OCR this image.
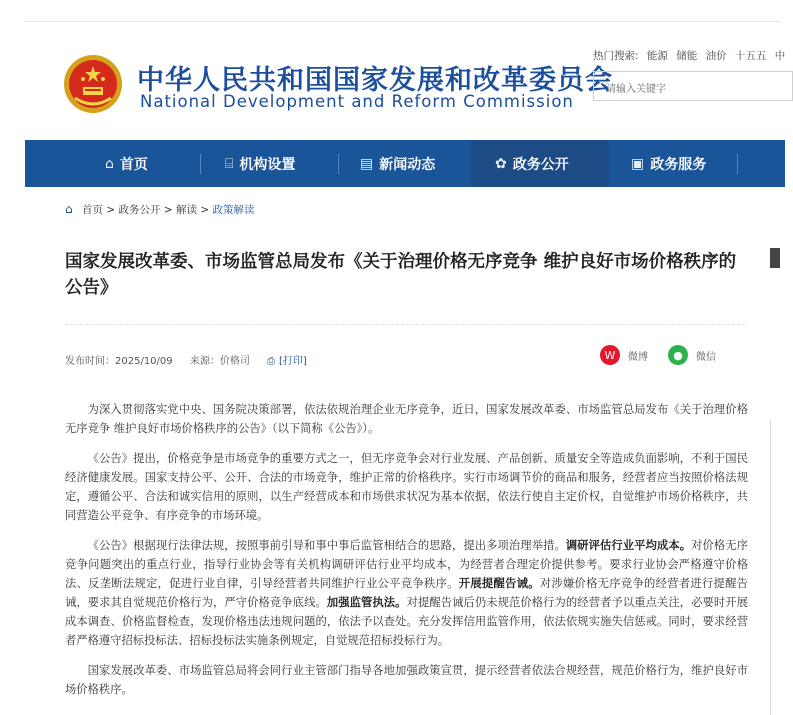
中华人民共和国国家发展和改革委员会
National Development and Reform Commission
热门搜索: 能源 储能 油价 十五五 中
请输入关键字
⌂ 首页	⌸ 机构设置	▤ 新闻动态	✿ 政务公开	▣ 政务服务
⌂ 首页 > 政务公开 > 解读 > 政策解读
国家发展改革委、市场监管总局发布《关于治理价格无序竞争 维护良好市场价格秩序的公告》
发布时间：2025/10/09 来源：价格司 ⎙ [打印]	W	微博	●	微信

为深入贯彻落实党中央、国务院决策部署，依法依规治理企业无序竞争，近日，国家发展改革委、市场监管总局发布《关于治理价格无序竞争 维护良好市场价格秩序的公告》（以下简称《公告》）。

《公告》提出，价格竞争是市场竞争的重要方式之一，但无序竞争会对行业发展、产品创新、质量安全等造成负面影响，不利于国民经济健康发展。国家支持公平、公开、合法的市场竞争，维护正常的价格秩序。实行市场调节价的商品和服务，经营者应当按照价格法规定，遵循公平、合法和诚实信用的原则，以生产经营成本和市场供求状况为基本依据，依法行使自主定价权，自觉维护市场价格秩序，共同营造公平竞争、有序竞争的市场环境。

《公告》根据现行法律法规，按照事前引导和事中事后监管相结合的思路，提出多项治理举措。调研评估行业平均成本。对价格无序竞争问题突出的重点行业，指导行业协会等有关机构调研评估行业平均成本，为经营者合理定价提供参考。要求行业协会严格遵守价格法、反垄断法规定，促进行业自律，引导经营者共同维护行业公平竞争秩序。开展提醒告诫。对涉嫌价格无序竞争的经营者进行提醒告诫，要求其自觉规范价格行为，严守价格竞争底线。加强监管执法。对提醒告诫后仍未规范价格行为的经营者予以重点关注，必要时开展成本调查、价格监督检查，发现价格违法违规问题的，依法予以查处。充分发挥信用监管作用，依法依规实施失信惩戒。同时，要求经营者严格遵守招标投标法、招标投标法实施条例规定，自觉规范招标投标行为。

国家发展改革委、市场监管总局将会同行业主管部门指导各地加强政策宣贯，提示经营者依法合规经营，规范价格行为，维护良好市场价格秩序。
